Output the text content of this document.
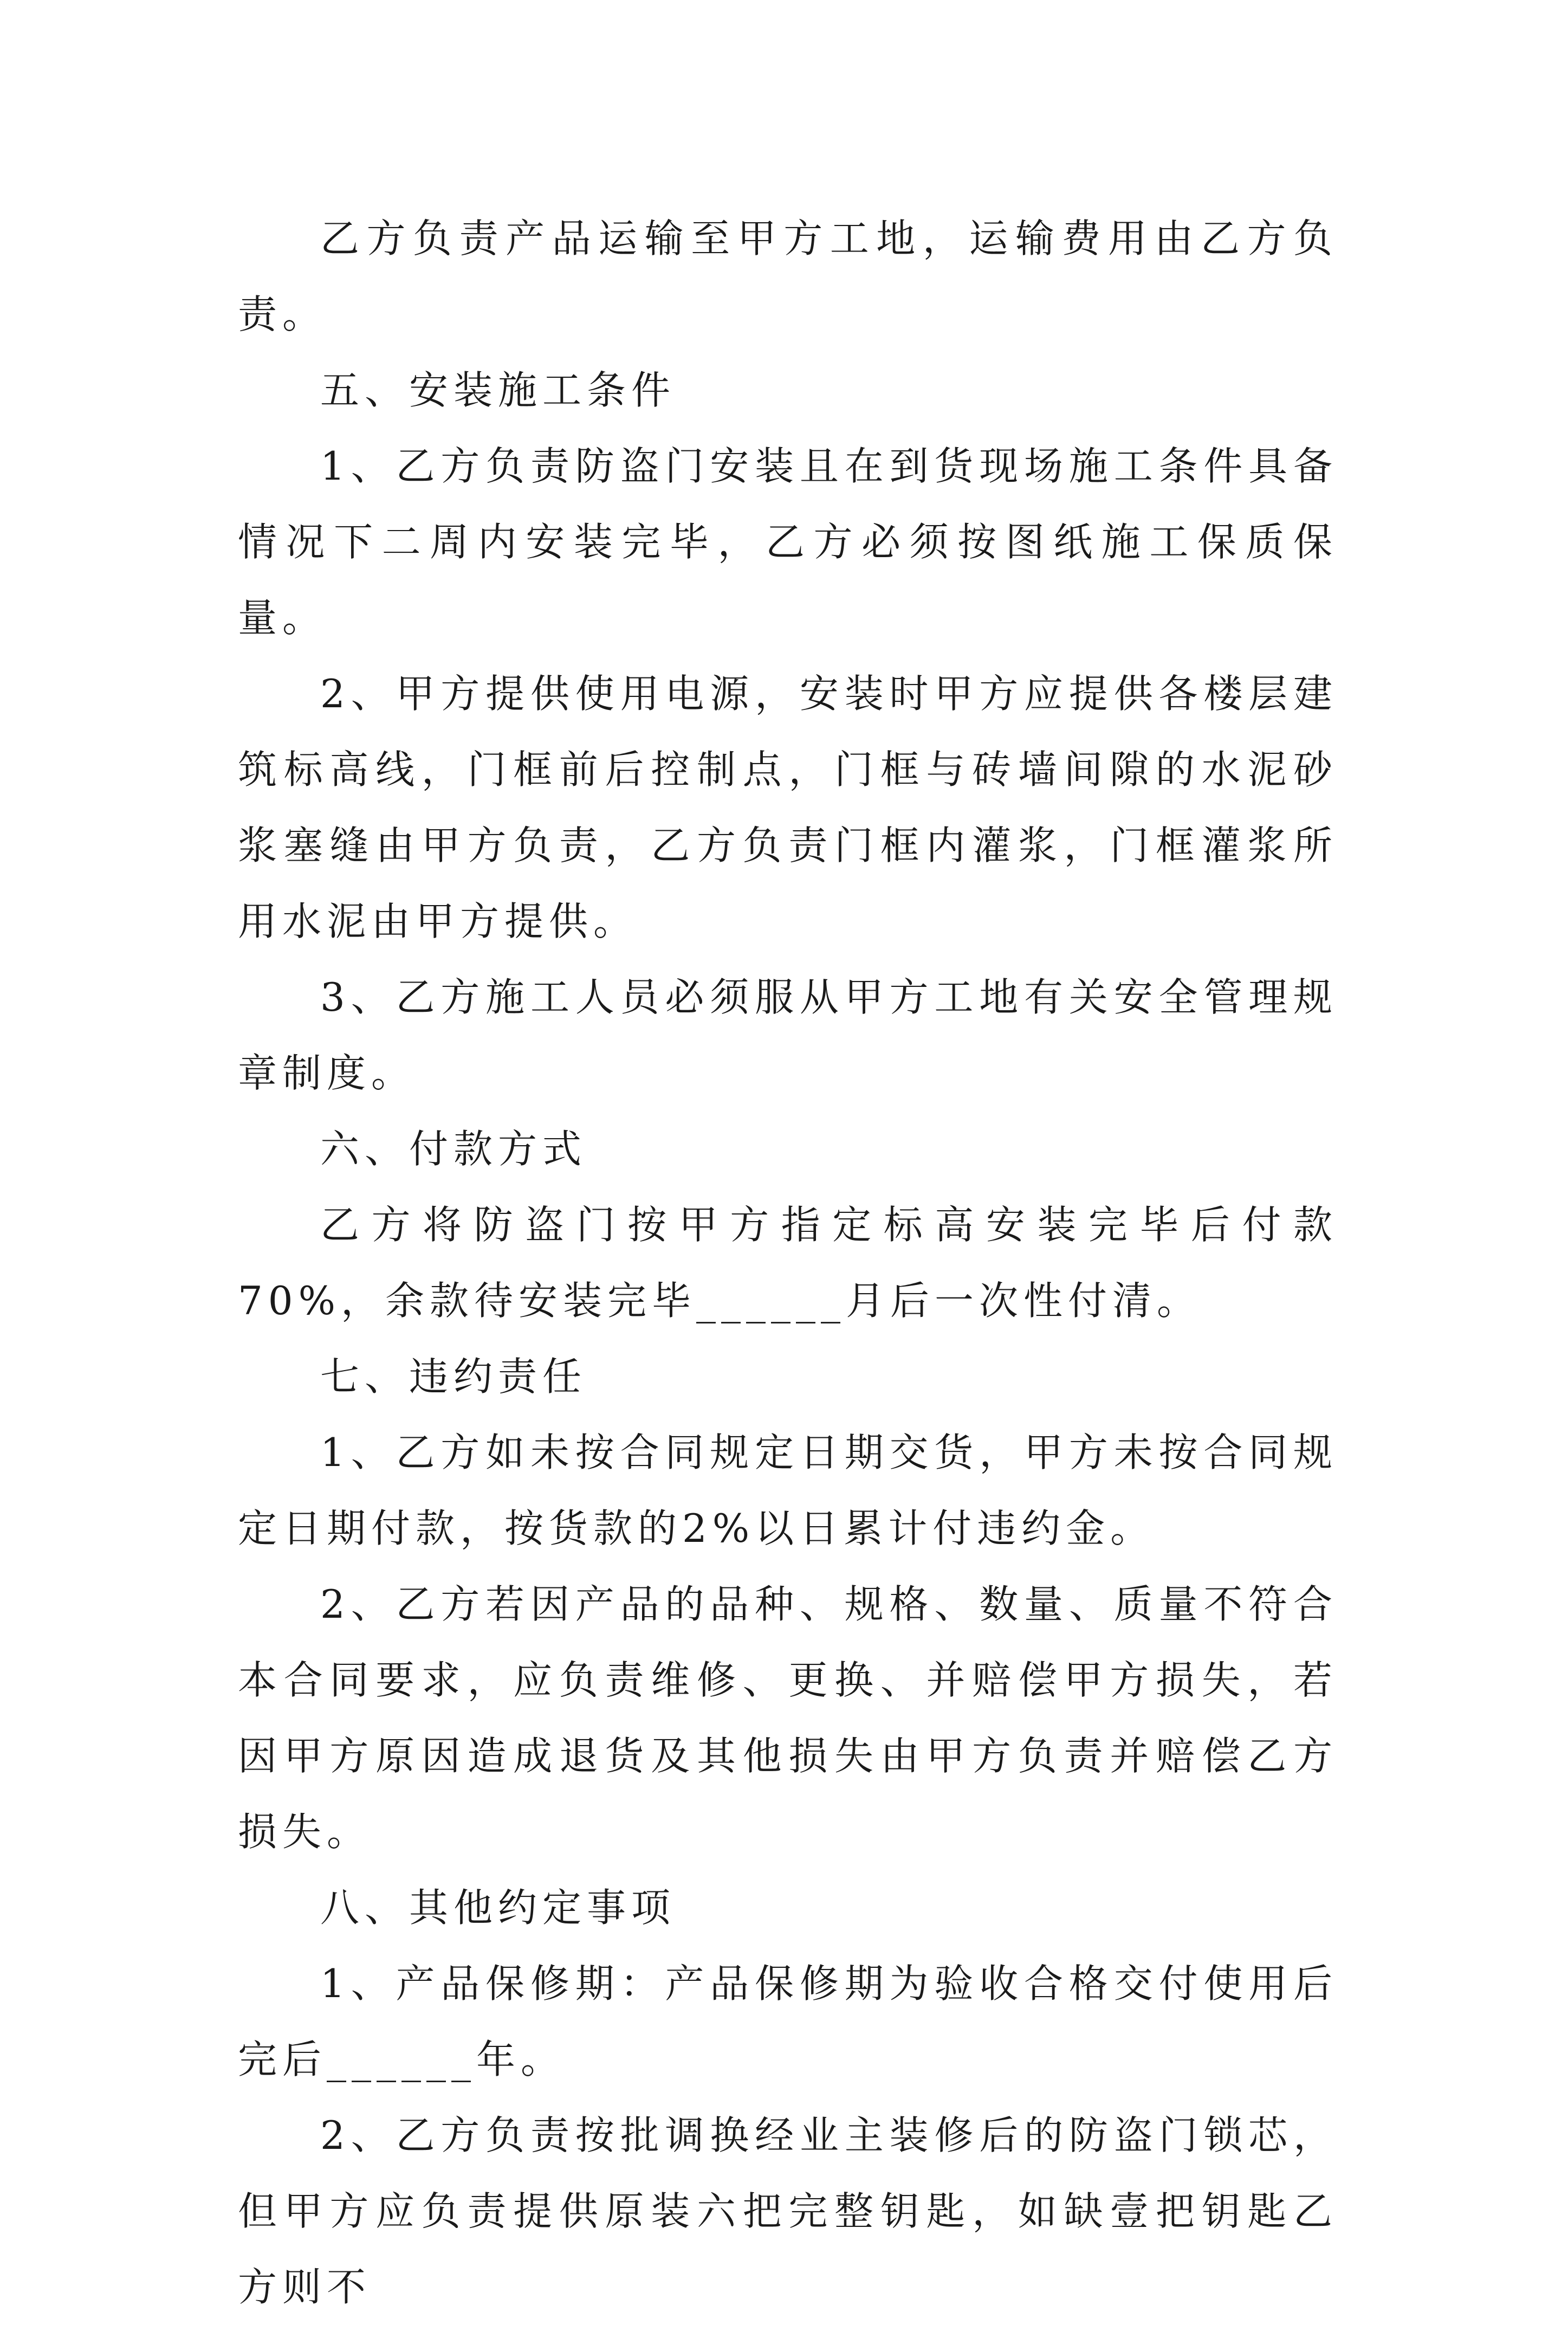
乙方负责产品运输至甲方工地，运输费用由乙方负责。

五、安装施工条件

1、乙方负责防盗门安装且在到货现场施工条件具备情况下二周内安装完毕，乙方必须按图纸施工保质保量。

2、甲方提供使用电源，安装时甲方应提供各楼层建筑标高线，门框前后控制点，门框与砖墙间隙的水泥砂浆塞缝由甲方负责，乙方负责门框内灌浆，门框灌浆所用水泥由甲方提供。

3、乙方施工人员必须服从甲方工地有关安全管理规章制度。

六、付款方式

乙方将防盗门按甲方指定标高安装完毕后付款70%，余款待安装完毕______月后一次性付清。

七、违约责任

1、乙方如未按合同规定日期交货，甲方未按合同规定日期付款，按货款的2%以日累计付违约金。

2、乙方若因产品的品种、规格、数量、质量不符合本合同要求，应负责维修、更换、并赔偿甲方损失，若因甲方原因造成退货及其他损失由甲方负责并赔偿乙方损失。

八、其他约定事项

1、产品保修期：产品保修期为验收合格交付使用后完后______年。

2、乙方负责按批调换经业主装修后的防盗门锁芯，但甲方应负责提供原装六把完整钥匙，如缺壹把钥匙乙方则不
